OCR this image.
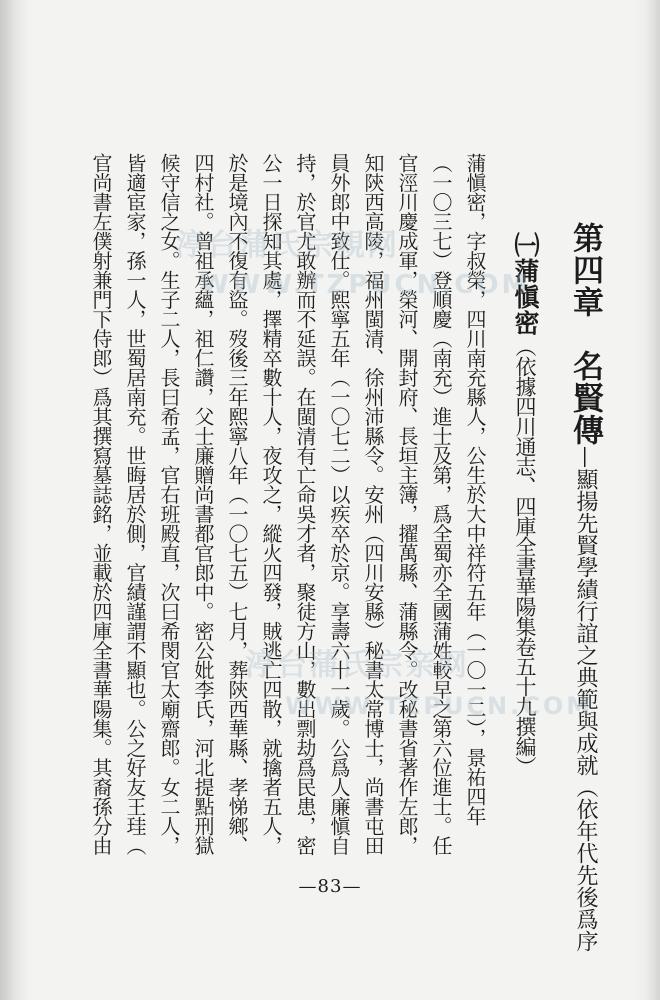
第四章　名賢傳—顯揚先賢學績行誼之典範與成就（依年代先後爲序
㈠蒲愼密（依據四川通志、四庫全書華陽集卷五十九撰編）
蒲愼密，字叔榮，四川南充縣人，公生於大中祥符五年（一〇一二），景祐四年
（一〇三七）登順慶（南充）進士及第，爲全蜀亦全國蒲姓較早之第六位進士。任
官涇川慶成軍，榮河、開封府、長垣主簿，擢萬縣、蒲縣令。改秘書省著作左郎，
知陝西高陵，福州閩清、徐州沛縣令。安州（四川安縣）秘書太常博士，尚書屯田
員外郎中致仕。熙寧五年（一〇七二）以疾卒於京。享壽六十一歲。公爲人廉愼自
持，於官尤敢辦而不延誤。在閩清有亡命吳才者，聚徒方山，數出剽劫爲民患，密
公一日探知其處，擇精卒數十人，夜攻之，縱火四發，賊逃亡四散，就擒者五人，
於是境內不復有盜。歿後三年熙寧八年（一〇七五）七月，葬陝西華縣、孝悌鄉、
四村社。曾祖承蘊，祖仁讚，父士廉贈尚書都官郎中。密公妣李氏，河北提點刑獄
候守信之女。生子二人，長曰希孟，官右班殿直，次曰希閔官太廟齋郎。女二人，
皆適宦家，孫一人，世蜀居南充。世晦居於側，官績謹謂不顯也。公之好友王珪（
官尚書左僕射兼門下侍郎）爲其撰寫墓誌銘，並載於四庫全書華陽集。其裔孫分由
—83—
渟台蒲氏宗親网
WWW.TZPUCN.COM
渟台蒲氏宗亲网
WWW.TZPUCN.COM
